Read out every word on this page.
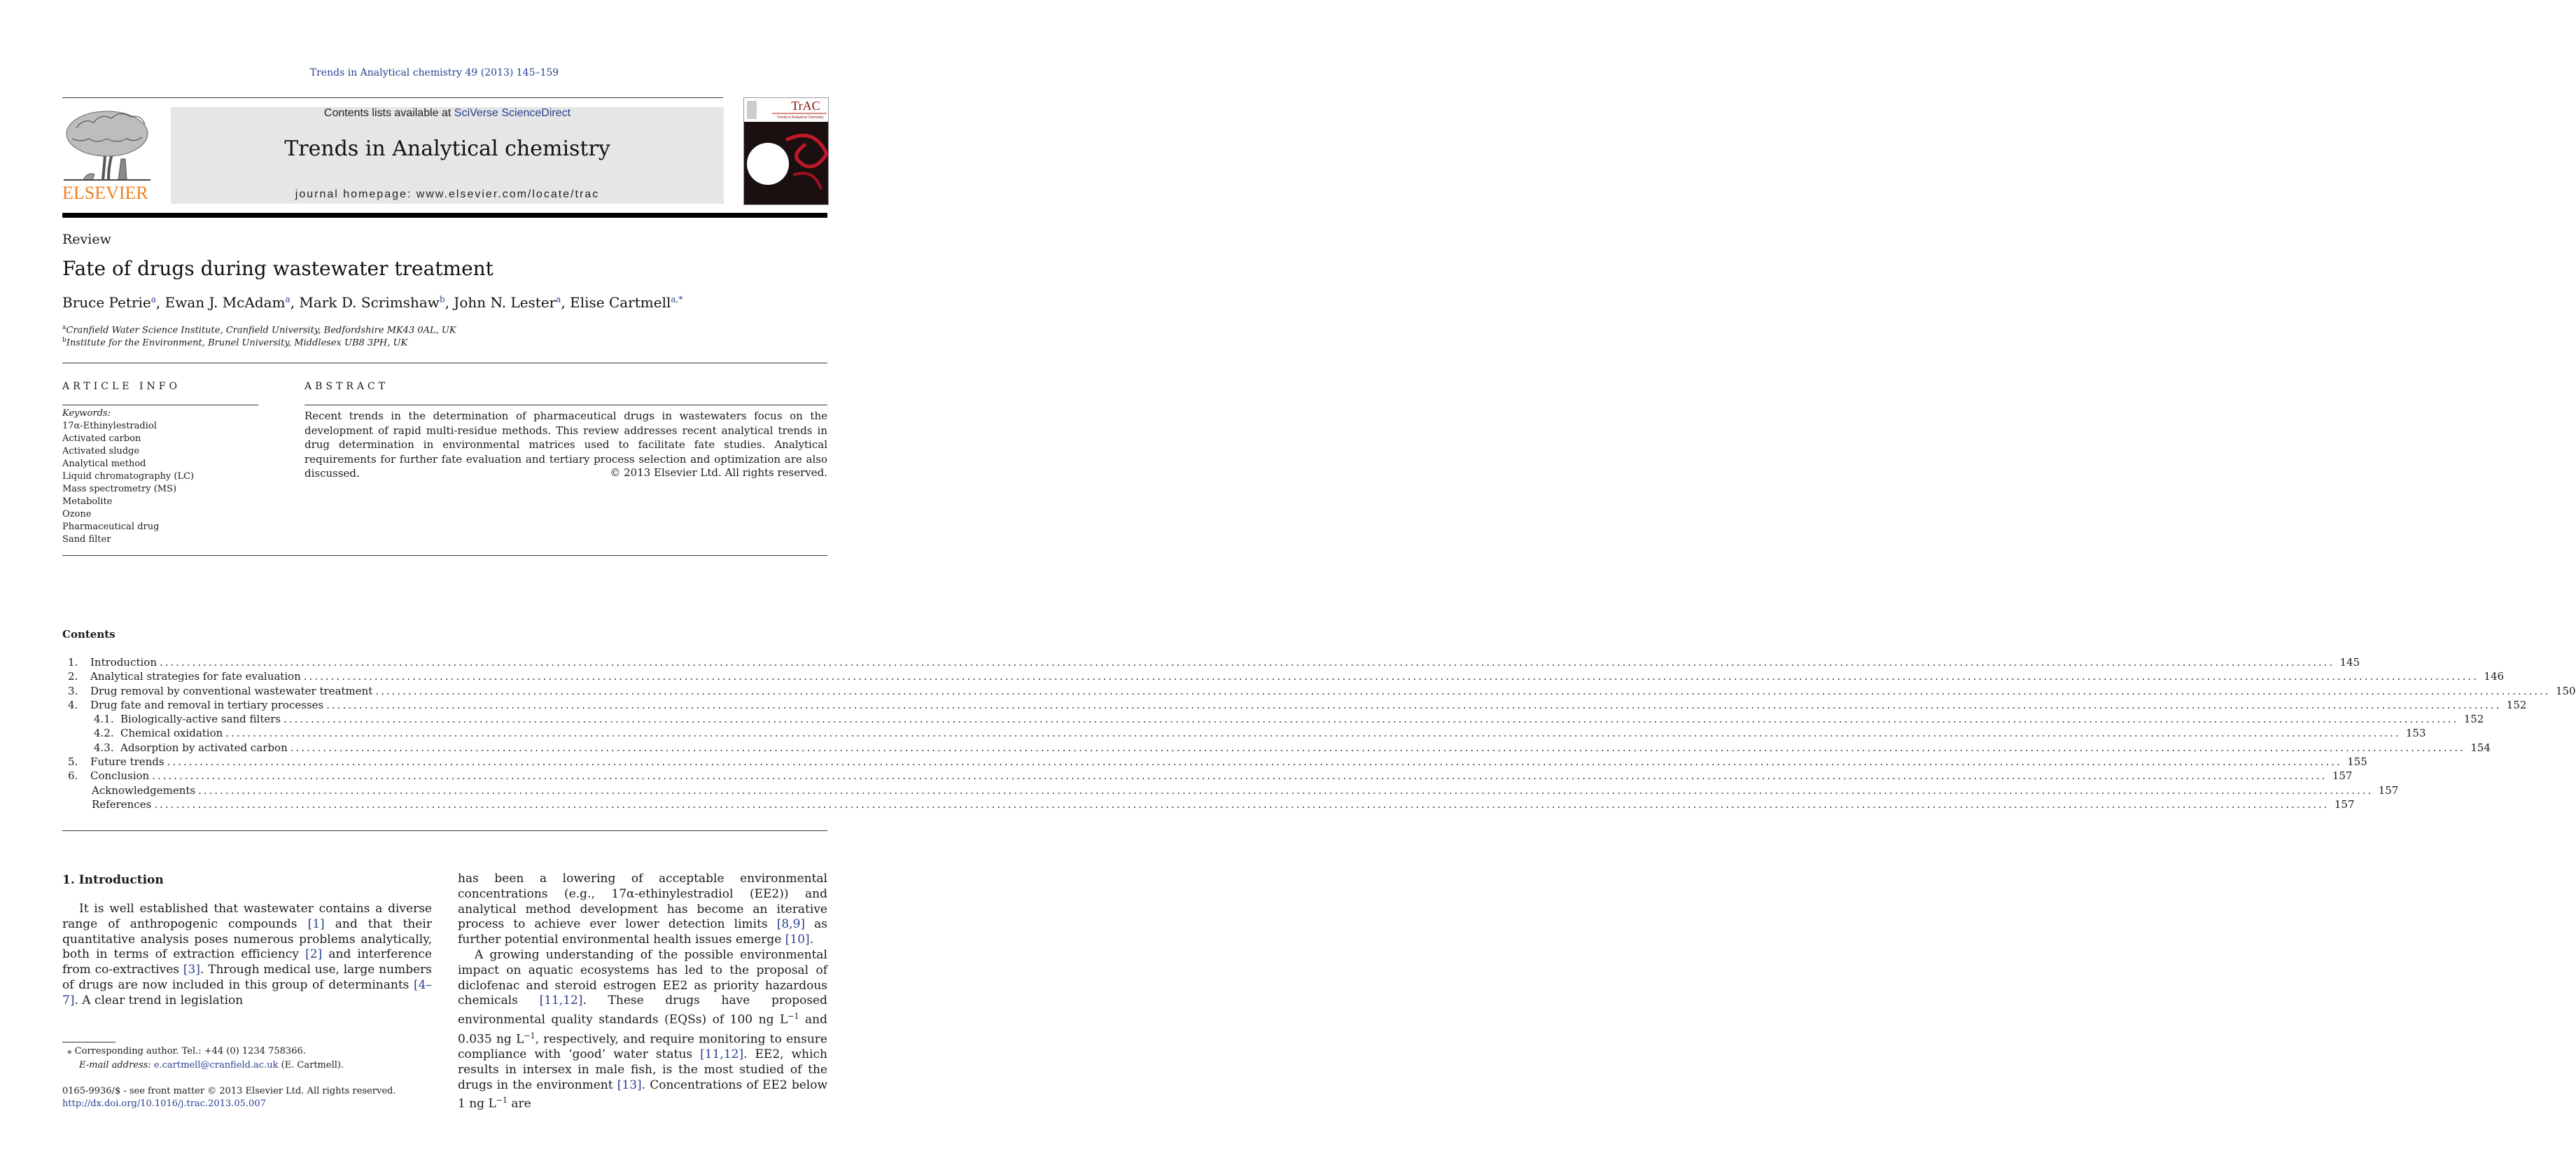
Trends in Analytical chemistry 49 (2013) 145–159
ELSEVIER
Contents lists available at SciVerse ScienceDirect
Trends in Analytical chemistry
journal homepage: www.elsevier.com/locate/trac
TrAC
Trends in Analytical Chemistry
Review
Fate of drugs during wastewater treatment
Bruce Petrie$^a$, Ewan J. McAdam$^a$, Mark D. Scrimshaw$^b$, John N. Lester$^a$, Elise Cartmell$^{a,*}$
$^a$Cranfield Water Science Institute, Cranfield University, Bedfordshire MK43 0AL, UK
$^b$Institute for the Environment, Brunel University, Middlesex UB8 3PH, UK
ARTICLE INFO
Keywords:
17α-Ethinylestradiol
Activated carbon
Activated sludge
Analytical method
Liquid chromatography (LC)
Mass spectrometry (MS)
Metabolite
Ozone
Pharmaceutical drug
Sand filter
ABSTRACT
Recent trends in the determination of pharmaceutical drugs in wastewaters focus on the development of rapid multi-residue methods. This review addresses recent analytical trends in drug determination in environmental matrices used to facilitate fate studies. Analytical requirements for further fate evaluation and tertiary process selection and optimization are also discussed.	© 2013 Elsevier Ltd. All rights reserved.
Contents
1.	Introduction ................................................................................................................................................................................................................................................................................................................................................................................................................ 145
2.	Analytical strategies for fate evaluation ................................................................................................................................................................................................................................................................................................................................................................................................................ 146
3.	Drug removal by conventional wastewater treatment ................................................................................................................................................................................................................................................................................................................................................................................................................ 150
4.	Drug fate and removal in tertiary processes ................................................................................................................................................................................................................................................................................................................................................................................................................ 152
4.1. Biologically-active sand filters ................................................................................................................................................................................................................................................................................................................................................................................................................ 152
4.2. Chemical oxidation ................................................................................................................................................................................................................................................................................................................................................................................................................ 153
4.3. Adsorption by activated carbon ................................................................................................................................................................................................................................................................................................................................................................................................................ 154
5.	Future trends ................................................................................................................................................................................................................................................................................................................................................................................................................ 155
6.	Conclusion ................................................................................................................................................................................................................................................................................................................................................................................................................ 157
Acknowledgements ................................................................................................................................................................................................................................................................................................................................................................................................................ 157
References ................................................................................................................................................................................................................................................................................................................................................................................................................ 157
1. Introduction

It is well established that wastewater contains a diverse range of anthropogenic compounds [1] and that their quantitative analysis poses numerous problems analytically, both in terms of extraction efficiency [2] and interference from co-extractives [3]. Through medical use, large numbers of drugs are now included in this group of determinants [4–7]. A clear trend in legislation

has been a lowering of acceptable environmental concentrations (e.g., 17α-ethinylestradiol (EE2)) and analytical method development has become an iterative process to achieve ever lower detection limits [8,9] as further potential environmental health issues emerge [10].

A growing understanding of the possible environmental impact on aquatic ecosystems has led to the proposal of diclofenac and steroid estrogen EE2 as priority hazardous chemicals [11,12]. These drugs have proposed environmental quality standards (EQSs) of 100 ng $L^{-1}$ and 0.035 ng $L^{-1}$, respectively, and require monitoring to ensure compliance with ‘good’ water status [11,12]. EE2, which results in intersex in male fish, is the most studied of the drugs in the environment [13]. Concentrations of EE2 below 1 ng $L^{-1}$ are

⁎ Corresponding author. Tel.: +44 (0) 1234 758366.
E-mail address: e.cartmell@cranfield.ac.uk (E. Cartmell).
0165-9936/$ - see front matter © 2013 Elsevier Ltd. All rights reserved.
http://dx.doi.org/10.1016/j.trac.2013.05.007
